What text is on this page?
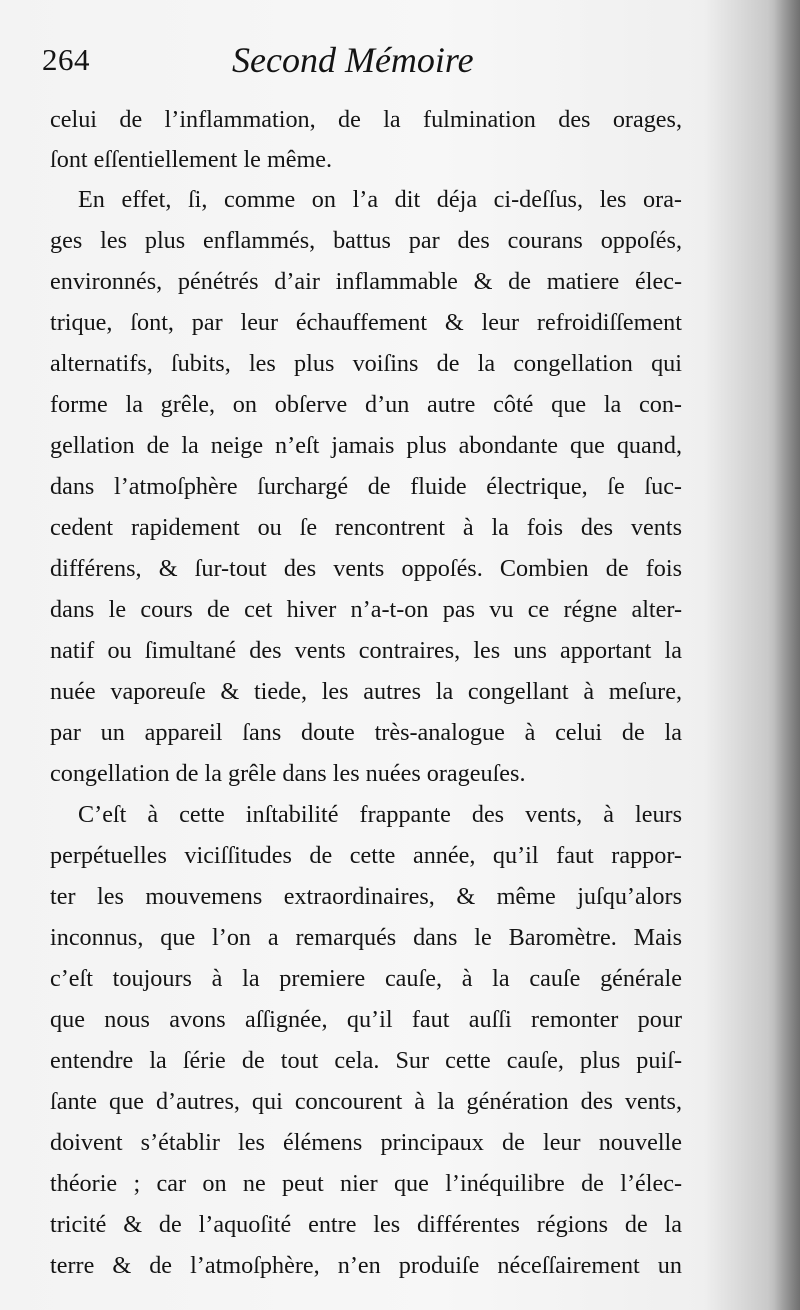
264	Second Mémoire
celui de l’inflammation, de la fulmination des orages,
ſont eſſentiellement le même.
En effet, ſi, comme on l’a dit déja ci-deſſus, les ora-
ges les plus enflammés, battus par des courans oppoſés,
environnés, pénétrés d’air inflammable & de matiere élec-
trique, ſont, par leur échauffement & leur refroidiſſement
alternatifs, ſubits, les plus voiſins de la congellation qui
forme la grêle, on obſerve d’un autre côté que la con-
gellation de la neige n’eſt jamais plus abondante que quand,
dans l’atmoſphère ſurchargé de fluide électrique, ſe ſuc-
cedent rapidement ou ſe rencontrent à la fois des vents
différens, & ſur-tout des vents oppoſés. Combien de fois
dans le cours de cet hiver n’a-t-on pas vu ce régne alter-
natif ou ſimultané des vents contraires, les uns apportant la
nuée vaporeuſe & tiede, les autres la congellant à meſure,
par un appareil ſans doute très-analogue à celui de la
congellation de la grêle dans les nuées orageuſes.
C’eſt à cette inſtabilité frappante des vents, à leurs
perpétuelles viciſſitudes de cette année, qu’il faut rappor-
ter les mouvemens extraordinaires, & même juſqu’alors
inconnus, que l’on a remarqués dans le Baromètre. Mais
c’eſt toujours à la premiere cauſe, à la cauſe générale
que nous avons aſſignée, qu’il faut auſſi remonter pour
entendre la ſérie de tout cela. Sur cette cauſe, plus puiſ-
ſante que d’autres, qui concourent à la génération des vents,
doivent s’établir les élémens principaux de leur nouvelle
théorie ; car on ne peut nier que l’inéquilibre de l’élec-
tricité & de l’aquoſité entre les différentes régions de la
terre & de l’atmoſphère, n’en produiſe néceſſairement un
